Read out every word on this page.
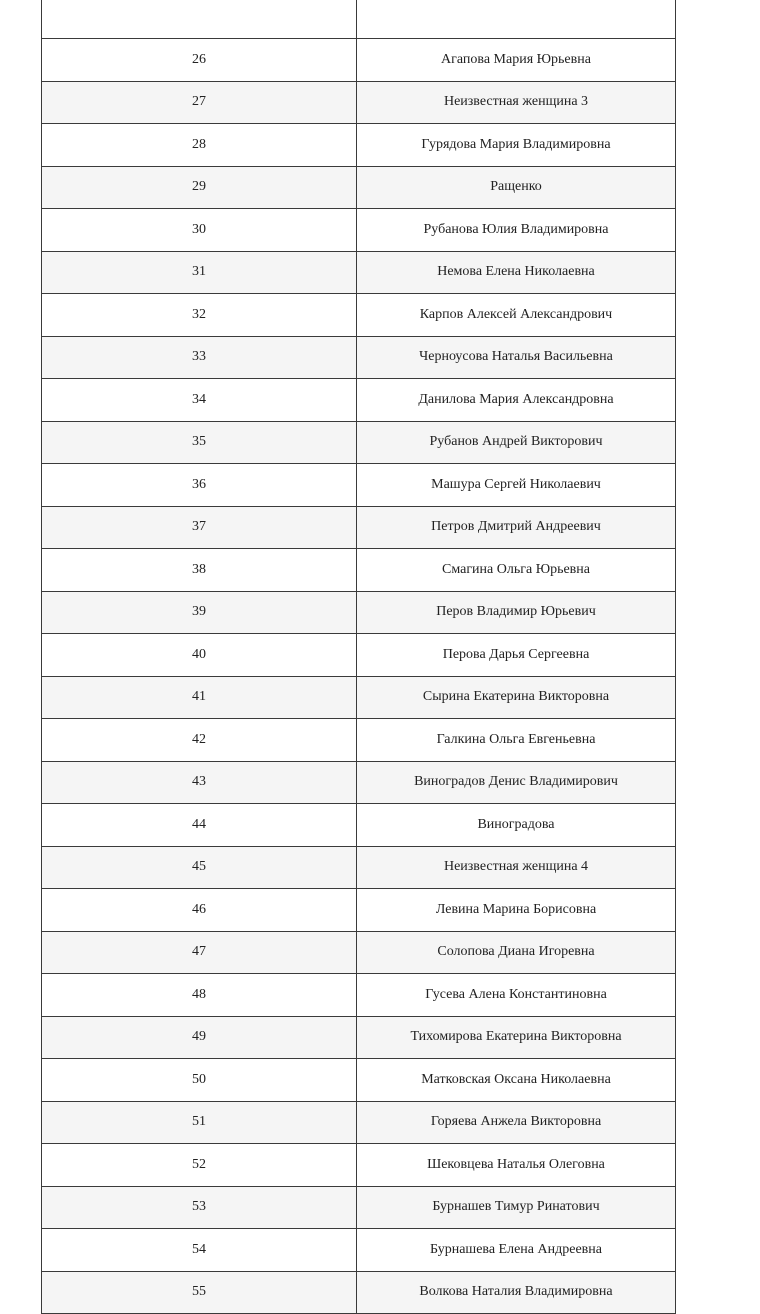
26	Агапова Мария Юрьевна
27	Неизвестная женщина 3
28	Гурядова Мария Владимировна
29	Ращенко
30	Рубанова Юлия Владимировна
31	Немова Елена Николаевна
32	Карпов Алексей Александрович
33	Черноусова Наталья Васильевна
34	Данилова Мария Александровна
35	Рубанов Андрей Викторович
36	Машура Сергей Николаевич
37	Петров Дмитрий Андреевич
38	Смагина Ольга Юрьевна
39	Перов Владимир Юрьевич
40	Перова Дарья Сергеевна
41	Сырина Екатерина Викторовна
42	Галкина Ольга Евгеньевна
43	Виноградов Денис Владимирович
44	Виноградова
45	Неизвестная женщина 4
46	Левина Марина Борисовна
47	Солопова Диана Игоревна
48	Гусева Алена Константиновна
49	Тихомирова Екатерина Викторовна
50	Матковская Оксана Николаевна
51	Горяева Анжела Викторовна
52	Шековцева Наталья Олеговна
53	Бурнашев Тимур Ринатович
54	Бурнашева Елена Андреевна
55	Волкова Наталия Владимировна
